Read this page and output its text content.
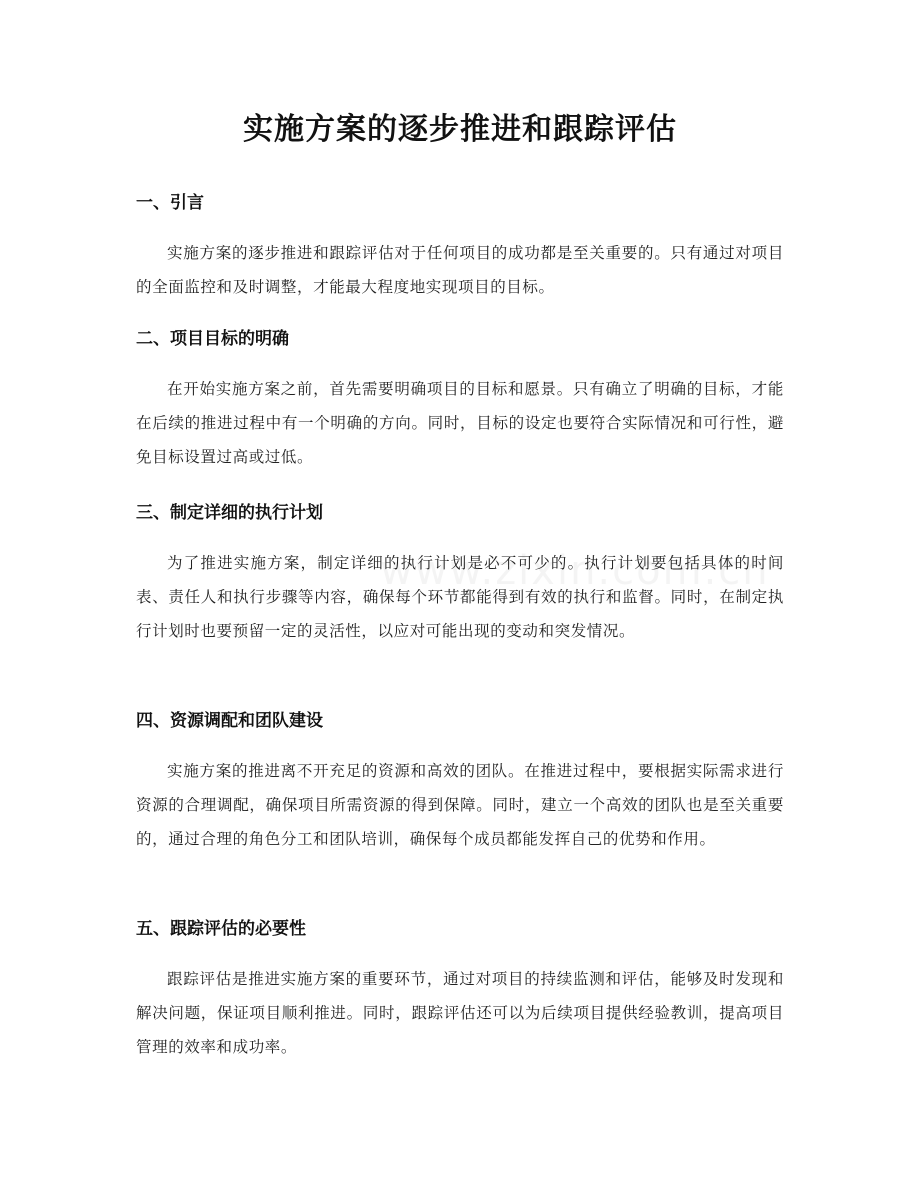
实施方案的逐步推进和跟踪评估
一、引言

实施方案的逐步推进和跟踪评估对于任何项目的成功都是至关重要的。只有通过对项目的全面监控和及时调整，才能最大程度地实现项目的目标。

二、项目目标的明确

在开始实施方案之前，首先需要明确项目的目标和愿景。只有确立了明确的目标，才能在后续的推进过程中有一个明确的方向。同时，目标的设定也要符合实际情况和可行性，避免目标设置过高或过低。

三、制定详细的执行计划

为了推进实施方案，制定详细的执行计划是必不可少的。执行计划要包括具体的时间表、责任人和执行步骤等内容，确保每个环节都能得到有效的执行和监督。同时，在制定执行计划时也要预留一定的灵活性，以应对可能出现的变动和突发情况。

四、资源调配和团队建设

实施方案的推进离不开充足的资源和高效的团队。在推进过程中，要根据实际需求进行资源的合理调配，确保项目所需资源的得到保障。同时，建立一个高效的团队也是至关重要的，通过合理的角色分工和团队培训，确保每个成员都能发挥自己的优势和作用。

五、跟踪评估的必要性

跟踪评估是推进实施方案的重要环节，通过对项目的持续监测和评估，能够及时发现和解决问题，保证项目顺利推进。同时，跟踪评估还可以为后续项目提供经验教训，提高项目管理的效率和成功率。
